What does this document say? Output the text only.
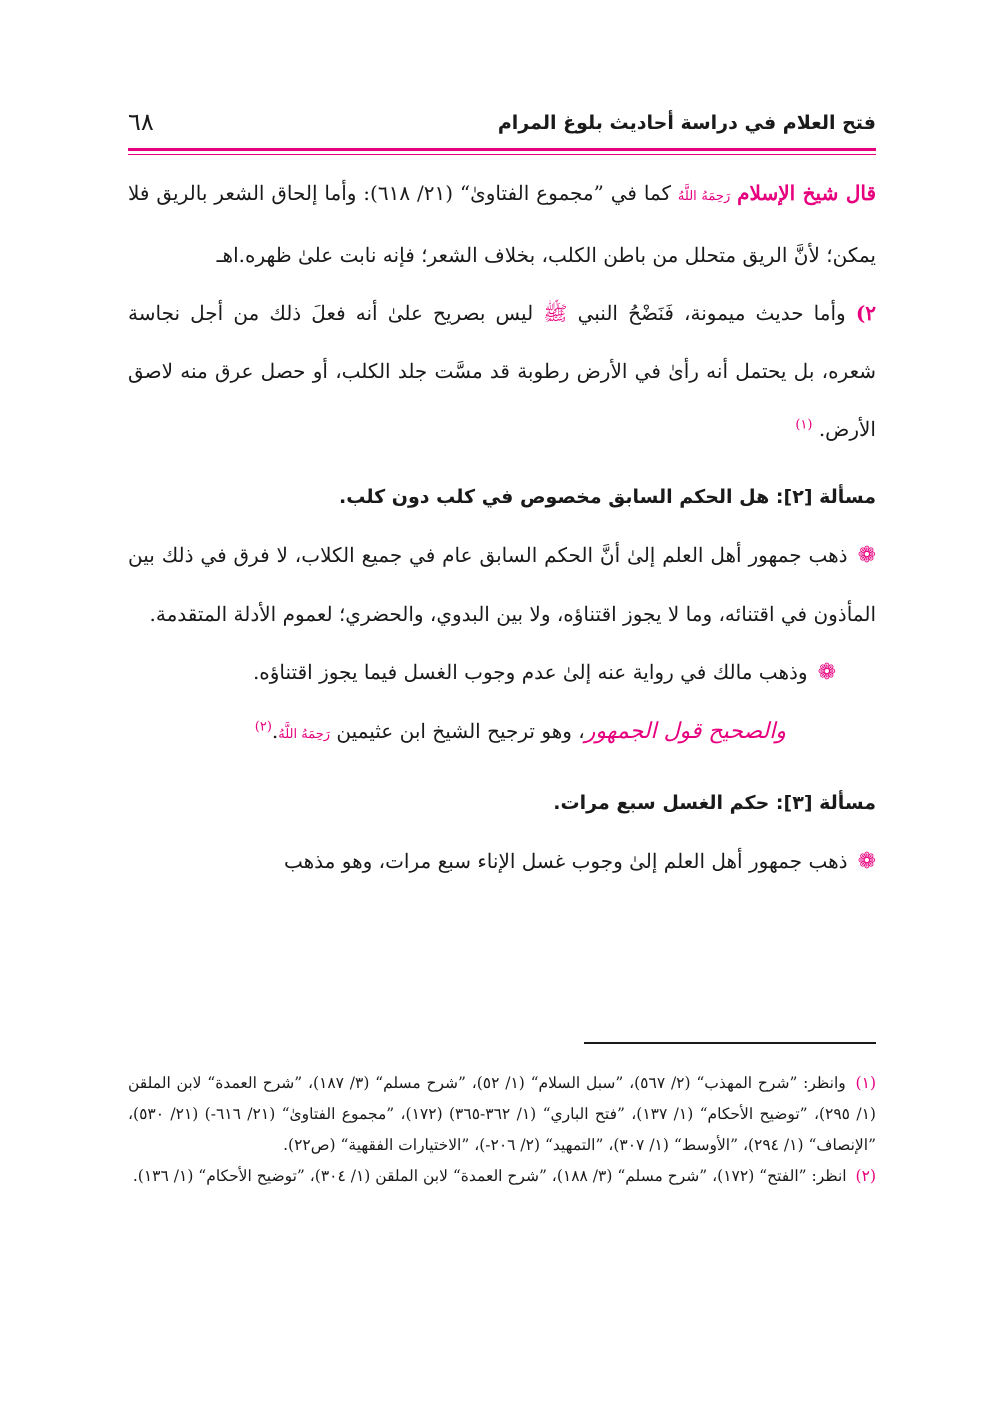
فتح العلام في دراسة أحاديث بلوغ المرام
٦٨

قال شيخ الإسلام رَحِمَهُ اللَّهُ كما في ”مجموع الفتاوىٰ“ (٢١/ ٦١٨): وأما إلحاق الشعر بالريق فلا يمكن؛ لأنَّ الريق متحلل من باطن الكلب، بخلاف الشعر؛ فإنه نابت علىٰ ظهره.اهـ

٢) وأما حديث ميمونة، فَنَضْحُ النبي ﷺ ليس بصريح علىٰ أنه فعلَ ذلك من أجل نجاسة شعره، بل يحتمل أنه رأىٰ في الأرض رطوبة قد مسَّت جلد الكلب، أو حصل عرق منه لاصق الأرض. $^{(١)}$

مسألة [٢]: هل الحكم السابق مخصوص في كلب دون كلب.

❁ذهب جمهور أهل العلم إلىٰ أنَّ الحكم السابق عام في جميع الكلاب، لا فرق في ذلك بين المأذون في اقتنائه، وما لا يجوز اقتناؤه، ولا بين البدوي، والحضري؛ لعموم الأدلة المتقدمة.

❁وذهب مالك في رواية عنه إلىٰ عدم وجوب الغسل فيما يجوز اقتناؤه.

والصحيح قول الجمهور، وهو ترجيح الشيخ ابن عثيمين رَحِمَهُ اللَّهُ.$^{(٢)}$

مسألة [٣]: حكم الغسل سبع مرات.

❁ذهب جمهور أهل العلم إلىٰ وجوب غسل الإناء سبع مرات، وهو مذهب

(١) وانظر: ”شرح المهذب“ (٢/ ٥٦٧)، ”سبل السلام“ (١/ ٥٢)، ”شرح مسلم“ (٣/ ١٨٧)، ”شرح العمدة“ لابن الملقن (١/ ٢٩٥)، ”توضيح الأحكام“ (١/ ١٣٧)، ”فتح الباري“ (١/ ٣٦٢-٣٦٥) (١٧٢)، ”مجموع الفتاوىٰ“ (٢١/ ٦١٦-) (٢١/ ٥٣٠)، ”الإنصاف“ (١/ ٢٩٤)، ”الأوسط“ (١/ ٣٠٧)، ”التمهيد“ (٢/ ٢٠٦-)، ”الاختيارات الفقهية“ (ص٢٢).

(٢) انظر: ”الفتح“ (١٧٢)، ”شرح مسلم“ (٣/ ١٨٨)، ”شرح العمدة“ لابن الملقن (١/ ٣٠٤)، ”توضيح الأحكام“ (١/ ١٣٦).
